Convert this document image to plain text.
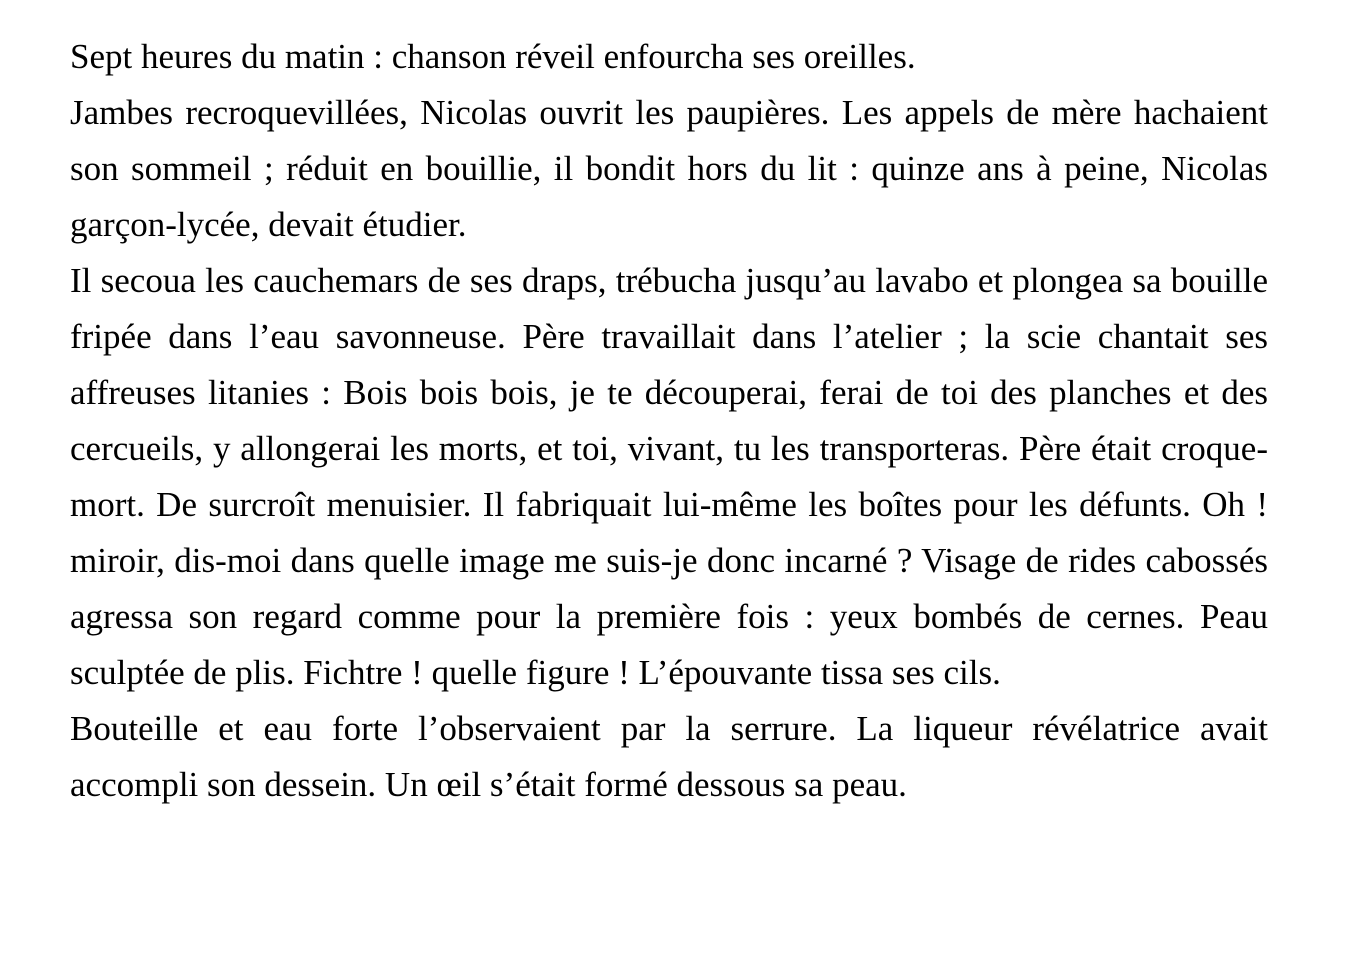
Sept heures du matin : chanson réveil enfourcha ses oreilles.

Jambes recroquevillées, Nicolas ouvrit les paupières. Les appels de mère hachaient son sommeil ; réduit en bouillie, il bondit hors du lit : quinze ans à peine, Nicolas garçon-lycée, devait étudier.

Il secoua les cauchemars de ses draps, trébucha jusqu’au lavabo et plongea sa bouille fripée dans l’eau savonneuse. Père travaillait dans l’atelier ; la scie chantait ses affreuses litanies : Bois bois bois, je te découperai, ferai de toi des planches et des cercueils, y allongerai les morts, et toi, vivant, tu les transporteras. Père était croque-mort. De surcroît menuisier. Il fabriquait lui-même les boîtes pour les défunts. Oh ! miroir, dis-moi dans quelle image me suis-je donc incarné ? Visage de rides cabossés agressa son regard comme pour la première fois : yeux bombés de cernes. Peau sculptée de plis. Fichtre ! quelle figure ! L’épouvante tissa ses cils.

Bouteille et eau forte l’observaient par la serrure. La liqueur révélatrice avait accompli son dessein. Un œil s’était formé dessous sa peau.
